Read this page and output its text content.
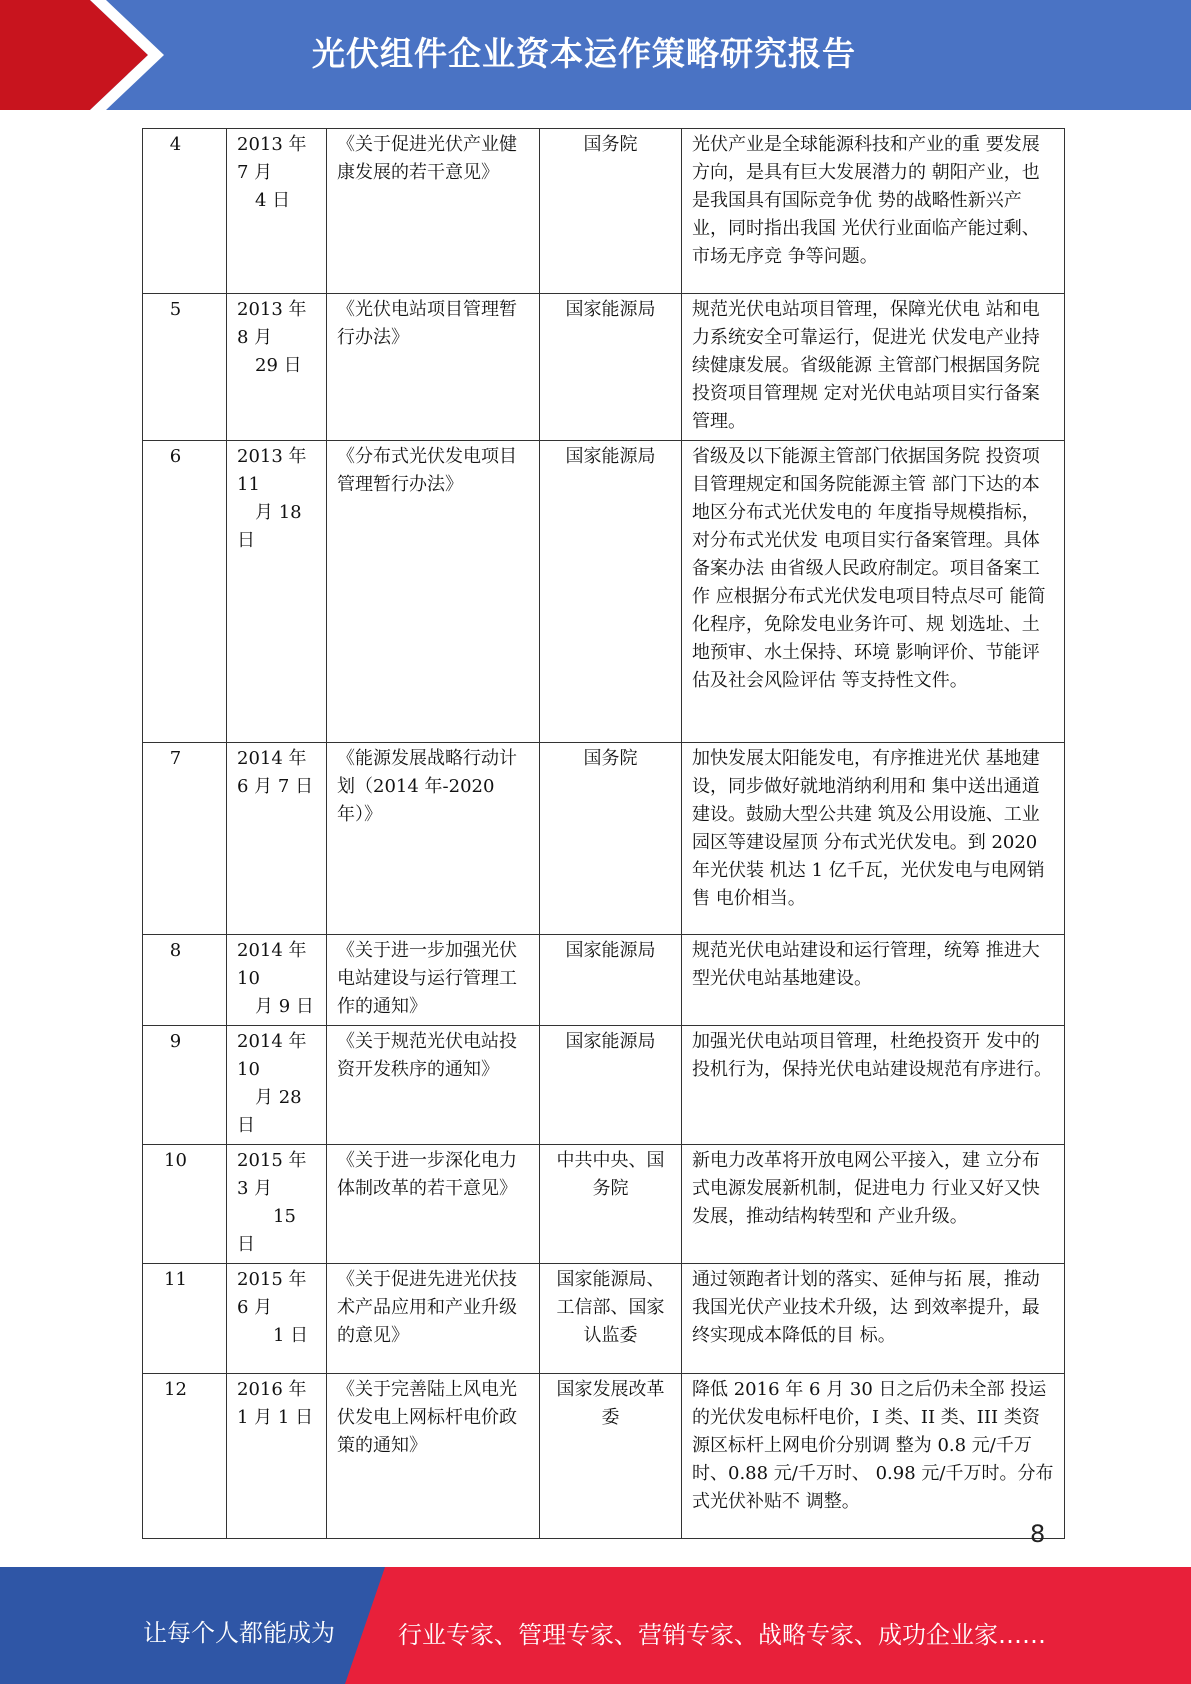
光伏组件企业资本运作策略研究报告
4	2013 年
7 月
　4 日	《关于促进光伏产业健 康发展的若干意见》	国务院	光伏产业是全球能源科技和产业的重 要发展方向，是具有巨大发展潜力的 朝阳产业，也是我国具有国际竞争优 势的战略性新兴产业，同时指出我国 光伏行业面临产能过剩、市场无序竞 争等问题。
5	2013 年
8 月
　29 日	《光伏电站项目管理暂 行办法》	国家能源局	规范光伏电站项目管理，保障光伏电 站和电力系统安全可靠运行，促进光 伏发电产业持续健康发展。省级能源 主管部门根据国务院投资项目管理规 定对光伏电站项目实行备案管理。
6	2013 年
11
　月 18
日	《分布式光伏发电项目 管理暂行办法》	国家能源局	省级及以下能源主管部门依据国务院 投资项目管理规定和国务院能源主管 部门下达的本地区分布式光伏发电的 年度指导规模指标，对分布式光伏发 电项目实行备案管理。具体备案办法 由省级人民政府制定。项目备案工作 应根据分布式光伏发电项目特点尽可 能简化程序，免除发电业务许可、规 划选址、土地预审、水土保持、环境 影响评价、节能评估及社会风险评估 等支持性文件。
7	2014 年
6 月 7 日	《能源发展战略行动计 划（2014 年-2020 年）》	国务院	加快发展太阳能发电，有序推进光伏 基地建设，同步做好就地消纳利用和 集中送出通道建设。鼓励大型公共建 筑及公用设施、工业园区等建设屋顶 分布式光伏发电。到 2020 年光伏装 机达 1 亿千瓦，光伏发电与电网销售 电价相当。
8	2014 年
10
　月 9 日	《关于进一步加强光伏 电站建设与运行管理工 作的通知》	国家能源局	规范光伏电站建设和运行管理，统筹 推进大型光伏电站基地建设。
9	2014 年
10
　月 28 日	《关于规范光伏电站投 资开发秩序的通知》	国家能源局	加强光伏电站项目管理，杜绝投资开 发中的投机行为，保持光伏电站建设规范有序进行。
10	2015 年
3 月
　　15 日	《关于进一步深化电力 体制改革的若干意见》	中共中央、国务院	新电力改革将开放电网公平接入，建 立分布式电源发展新机制，促进电力 行业又好又快发展，推动结构转型和 产业升级。
11	2015 年
6 月
　　1 日	《关于促进先进光伏技 术产品应用和产业升级 的意见》	国家能源局、工信部、国家认监委	通过领跑者计划的落实、延伸与拓 展，推动我国光伏产业技术升级，达 到效率提升，最终实现成本降低的目 标。
12	2016 年
1 月 1 日	《关于完善陆上风电光 伏发电上网标杆电价政 策的通知》	国家发展改革委	降低 2016 年 6 月 30 日之后仍未全部 投运的光伏发电标杆电价，I 类、II 类、III 类资源区标杆上网电价分别调 整为 0.8 元/千万时、0.88 元/千万时、 0.98 元/千万时。分布式光伏补贴不 调整。
8
让每个人都能成为	行业专家、管理专家、营销专家、战略专家、成功企业家……
